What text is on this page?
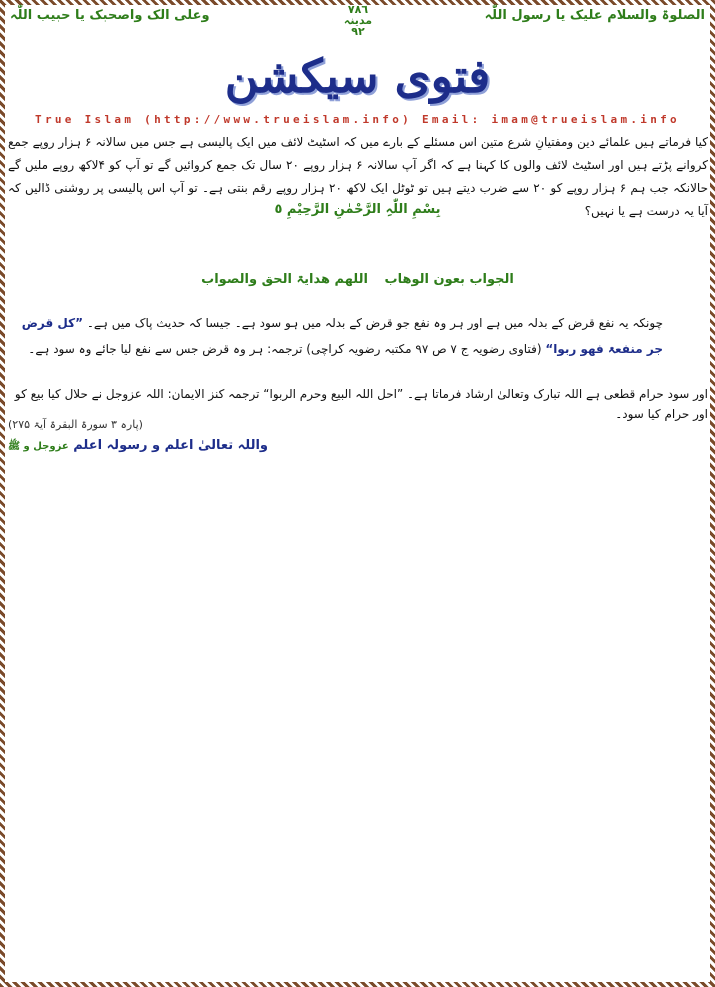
الصلوۃ والسلام علیک یا رسول اللّٰہ
٧٨٦
مدینہ
٩٢
وعلی الک واصحبک یا حبیب اللّٰہ
فتوی سیکشن
True Islam (http://www.trueislam.info) Email: imam@trueislam.info
کیا فرماتے ہیں علمائے دین ومفتیانِ شرع متین اس مسئلے کے بارے میں کہ اسٹیٹ لائف میں ایک پالیسی ہے جس میں سالانہ ۶ ہزار روپے جمع کروانے پڑتے ہیں اور اسٹیٹ لائف والوں کا کہنا ہے کہ اگر آپ سالانہ ۶ ہزار روپے ۲۰ سال تک جمع کروائیں گے تو آپ کو ۴لاکھ روپے ملیں گے حالانکہ جب ہم ۶ ہزار روپے کو ۲۰ سے ضرب دیتے ہیں تو ٹوٹل ایک لاکھ ۲۰ ہزار روپے رقم بنتی ہے۔ تو آپ اس پالیسی پر روشنی ڈالیں کہ آیا یہ درست ہے یا نہیں؟
بِسْمِ اللّٰہِ الرَّحْمٰنِ الرَّحِیْمِ ٥
الجواب بعون الوھاب اللھم ھدایۃ الحق والصواب
چونکہ یہ نفع قرض کے بدلہ میں ہے اور ہر وہ نفع جو قرض کے بدلہ میں ہو سود ہے۔ جیسا کہ حدیث پاک میں ہے۔ ”کل قرض جر منفعۃ فھو ربوا“ (فتاوی رضویہ ج ۷ ص ۹۷ مکتبہ رضویہ کراچی) ترجمہ: ہر وہ قرض جس سے نفع لیا جائے وہ سود ہے۔
اور سود حرام قطعی ہے اللہ تبارک وتعالیٰ ارشاد فرماتا ہے۔ ”احل اللہ البیع وحرم الربوا“ ترجمہ کنز الایمان: اللہ عزوجل نے حلال کیا بیع کو اور حرام کیا سود۔
(پارہ ۳ سورۃ البقرۃ آیۃ ۲۷۵)
واللہ تعالیٰ اعلم و رسولہ اعلم عزوجل و ﷺ
